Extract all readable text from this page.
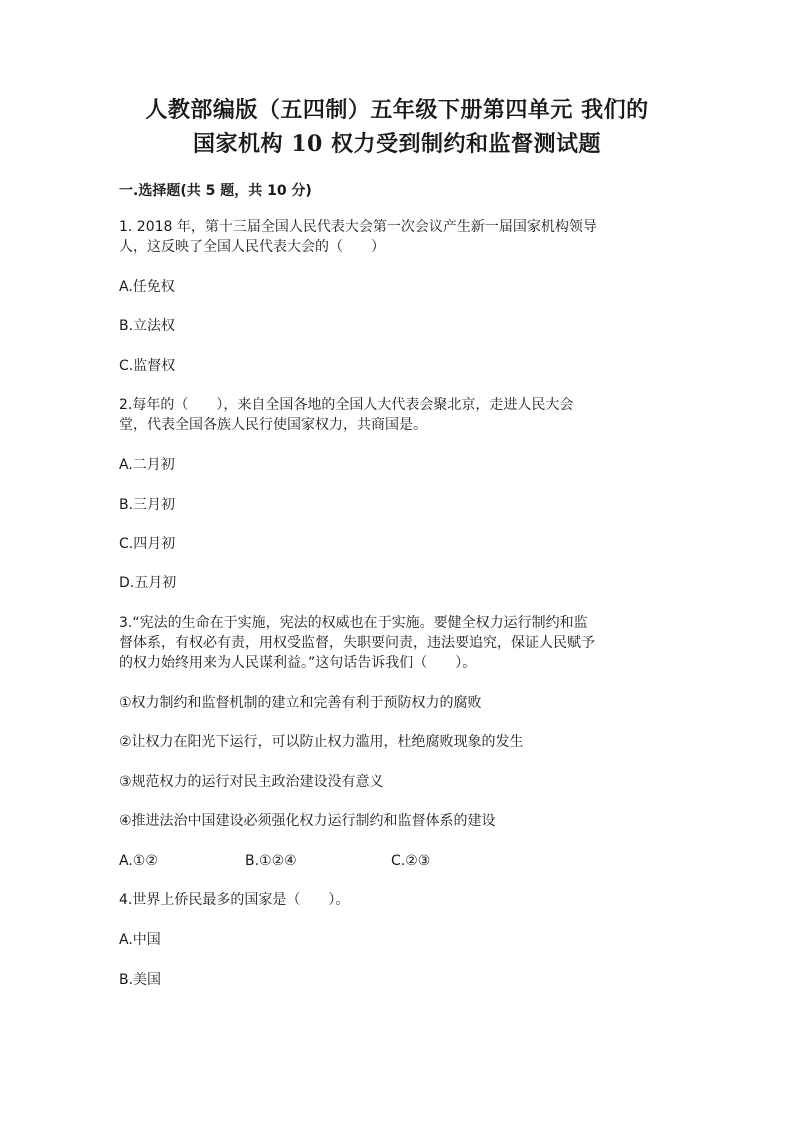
人教部编版（五四制）五年级下册第四单元 我们的
国家机构 10 权力受到制约和监督测试题
一.选择题(共 5 题，共 10 分)
1. 2018 年，第十三届全国人民代表大会第一次会议产生新一届国家机构领导
人，这反映了全国人民代表大会的（　　）
A.任免权
B.立法权
C.监督权
2.每年的（　　），来自全国各地的全国人大代表会聚北京，走进人民大会
堂，代表全国各族人民行使国家权力，共商国是。
A.二月初
B.三月初
C.四月初
D.五月初
3.“宪法的生命在于实施，宪法的权威也在于实施。要健全权力运行制约和监
督体系，有权必有责，用权受监督，失职要问责，违法要追究，保证人民赋予
的权力始终用来为人民谋利益。”这句话告诉我们（　　）。
①权力制约和监督机制的建立和完善有利于预防权力的腐败
②让权力在阳光下运行，可以防止权力滥用，杜绝腐败现象的发生
③规范权力的运行对民主政治建设没有意义
④推进法治中国建设必须强化权力运行制约和监督体系的建设
A.①②	B.①②④	C.②③
4.世界上侨民最多的国家是（　　）。
A.中国
B.美国
